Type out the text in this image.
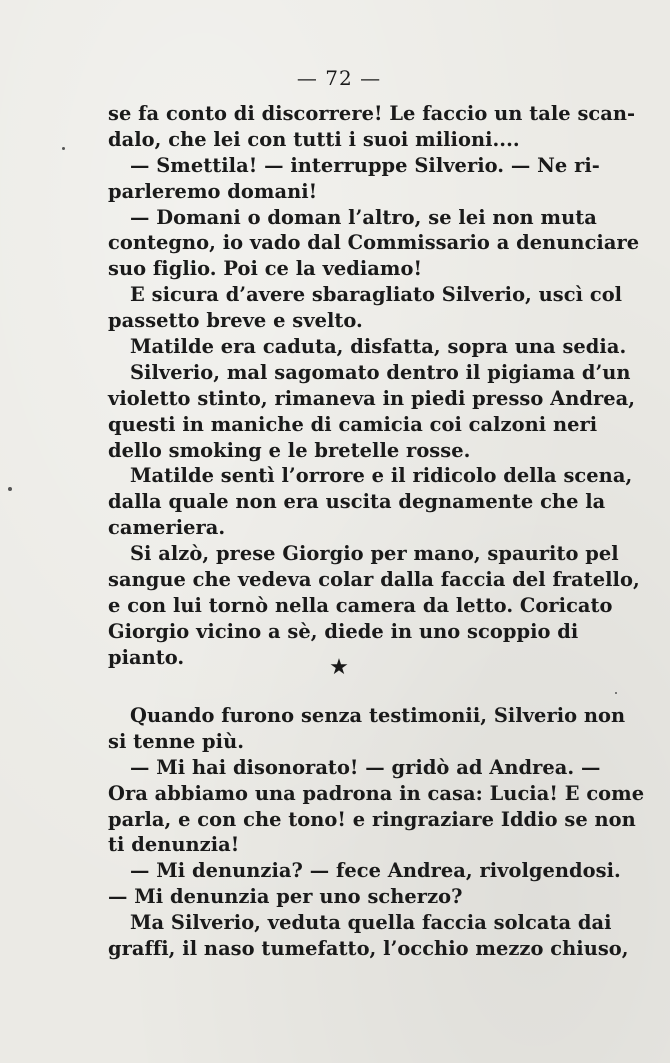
— 72 —
se fa conto di discorrere! Le faccio un tale scan-
dalo, che lei con tutti i suoi milioni....
— Smettila! — interruppe Silverio. — Ne ri-
parleremo domani!
— Domani o doman l’altro, se lei non muta
contegno, io vado dal Commissario a denunciare
suo figlio. Poi ce la vediamo!
E sicura d’avere sbaragliato Silverio, uscì col
passetto breve e svelto.
Matilde era caduta, disfatta, sopra una sedia.
Silverio, mal sagomato dentro il pigiama d’un
violetto stinto, rimaneva in piedi presso Andrea,
questi in maniche di camicia coi calzoni neri
dello smoking e le bretelle rosse.
Matilde sentì l’orrore e il ridicolo della scena,
dalla quale non era uscita degnamente che la
cameriera.
Si alzò, prese Giorgio per mano, spaurito pel
sangue che vedeva colar dalla faccia del fratello,
e con lui tornò nella camera da letto. Coricato
Giorgio vicino a sè, diede in uno scoppio di
pianto.	★
Quando furono senza testimonii, Silverio non
si tenne più.
— Mi hai disonorato! — gridò ad Andrea. —
Ora abbiamo una padrona in casa: Lucia! E come
parla, e con che tono! e ringraziare Iddio se non
ti denunzia!
— Mi denunzia? — fece Andrea, rivolgendosi.
— Mi denunzia per uno scherzo?
Ma Silverio, veduta quella faccia solcata dai
graffi, il naso tumefatto, l’occhio mezzo chiuso,
